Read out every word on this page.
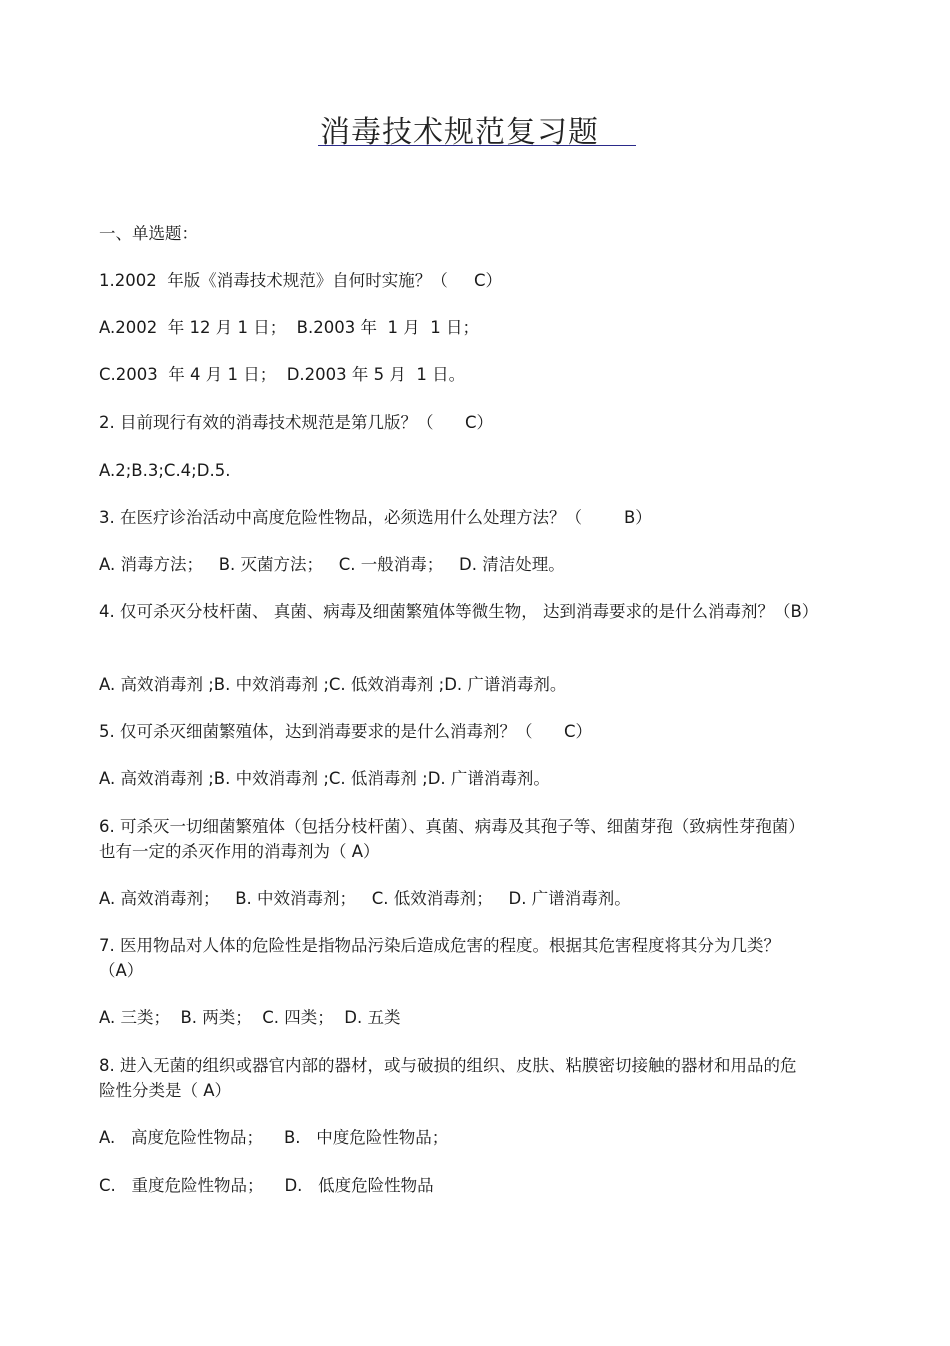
消毒技术规范复习题
一、单选题：
1.2002  年版《消毒技术规范》自何时实施？（     C）
A.2002  年 12 月 1 日；  B.2003 年  1 月  1 日；
C.2003  年 4 月 1 日；  D.2003 年 5 月  1 日。
2. 目前现行有效的消毒技术规范是第几版？（      C）
A.2;B.3;C.4;D.5.
3. 在医疗诊治活动中高度危险性物品，必须选用什么处理方法？（        B）
A. 消毒方法；   B. 灭菌方法；   C. 一般消毒；   D. 清洁处理。
4. 仅可杀灭分枝杆菌、 真菌、病毒及细菌繁殖体等微生物， 达到消毒要求的是什么消毒剂？（B）
A. 高效消毒剂 ;B. 中效消毒剂 ;C. 低效消毒剂 ;D. 广谱消毒剂。
5. 仅可杀灭细菌繁殖体，达到消毒要求的是什么消毒剂？（      C）
A. 高效消毒剂 ;B. 中效消毒剂 ;C. 低消毒剂 ;D. 广谱消毒剂。
6. 可杀灭一切细菌繁殖体（包括分枝杆菌）、真菌、病毒及其孢子等、细菌芽孢（致病性芽孢菌）也有一定的杀灭作用的消毒剂为（ A）
A. 高效消毒剂；   B. 中效消毒剂；   C. 低效消毒剂；   D. 广谱消毒剂。
7. 医用物品对人体的危险性是指物品污染后造成危害的程度。根据其危害程度将其分为几类？（A）
A. 三类；  B. 两类；  C. 四类；  D. 五类
8. 进入无菌的组织或器官内部的器材，或与破损的组织、皮肤、粘膜密切接触的器材和用品的危险性分类是（ A）
A.   高度危险性物品；    B.   中度危险性物品；
C.   重度危险性物品；    D.   低度危险性物品
